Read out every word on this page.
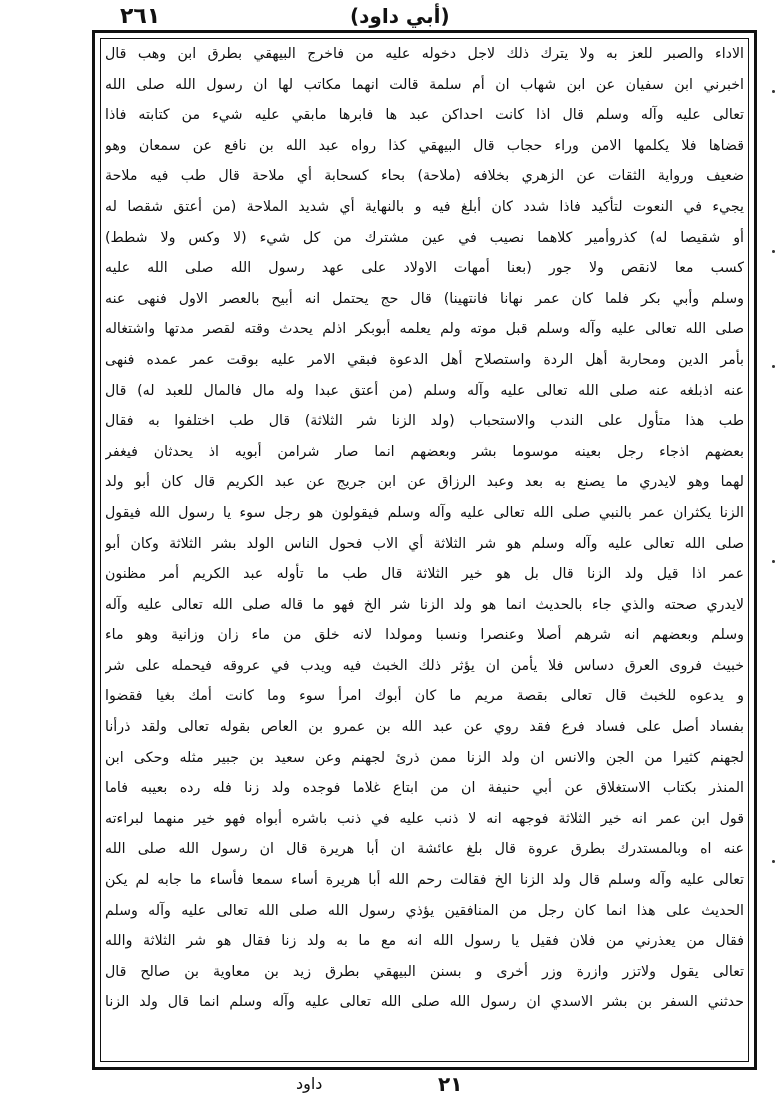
٢٦١	(أبي داود)
الاداء والصبر للعز به ولا يترك ذلك لاجل دخوله عليه من فاخرج البيهقي بطرق ابن وهب قال
اخبرني ابن سفيان عن ابن شهاب ان أم سلمة قالت انهما مكاتب لها ان رسول الله صلى الله
تعالى عليه وآله وسلم قال اذا كانت احداكن عبد ها فابرها مابقي عليه شيء من كتابته فاذا
قضاها فلا يكلمها الامن وراء حجاب قال البيهقي كذا رواه عبد الله بن نافع عن سمعان وهو
ضعيف ورواية الثقات عن الزهري بخلافه (ملاحة) بحاء كسحابة أي ملاحة قال طب فيه ملاحة
يجيء في النعوت لتأكيد فاذا شدد كان أبلغ فيه و بالنهاية أي شديد الملاحة (من أعتق شقصا له
أو شقيصا له) كذروأمير كلاهما نصيب في عين مشترك من كل شيء (لا وكس ولا شطط)
كسب معا لانقص ولا جور (بعنا أمهات الاولاد على عهد رسول الله صلى الله عليه
وسلم وأبي بكر فلما كان عمر نهانا فانتهينا) قال حج يحتمل انه أبيح بالعصر الاول فنهى عنه
صلى الله تعالى عليه وآله وسلم قبل موته ولم يعلمه أبوبكر اذلم يحدث وقته لقصر مدتها واشتغاله
بأمر الدين ومحاربة أهل الردة واستصلاح أهل الدعوة فبقي الامر عليه بوقت عمر عمده فنهى
عنه اذبلغه عنه صلى الله تعالى عليه وآله وسلم (من أعتق عبدا وله مال فالمال للعبد له) قال
طب هذا متأول على الندب والاستحباب (ولد الزنا شر الثلاثة) قال طب اختلفوا به فقال
بعضهم اذجاء رجل بعينه موسوما بشر وبعضهم انما صار شرامن أبويه اذ يحدثان فيغفر
لهما وهو لايدري ما يصنع به بعد وعبد الرزاق عن ابن جريج عن عبد الكريم قال كان أبو ولد
الزنا يكثران عمر بالنبي صلى الله تعالى عليه وآله وسلم فيقولون هو رجل سوء يا رسول الله فيقول
صلى الله تعالى عليه وآله وسلم هو شر الثلاثة أي الاب فحول الناس الولد بشر الثلاثة وكان أبو
عمر اذا قيل ولد الزنا قال بل هو خير الثلاثة قال طب ما تأوله عبد الكريم أمر مظنون
لايدري صحته والذي جاء بالحديث انما هو ولد الزنا شر الخ فهو ما قاله صلى الله تعالى عليه وآله
وسلم وبعضهم انه شرهم أصلا وعنصرا ونسبا ومولدا لانه خلق من ماء زان وزانية وهو ماء
خبيث فروى العرق دساس فلا يأمن ان يؤثر ذلك الخبث فيه ويدب في عروقه فيحمله على شر
و يدعوه للخبث قال تعالى بقصة مريم ما كان أبوك امرأ سوء وما كانت أمك بغيا فقضوا
بفساد أصل على فساد فرع فقد روي عن عبد الله بن عمرو بن العاص بقوله تعالى ولقد ذرأنا
لجهنم كثيرا من الجن والانس ان ولد الزنا ممن ذرئ لجهنم وعن سعيد بن جبير مثله وحكى ابن
المنذر بكتاب الاستغلاق عن أبي حنيفة ان من ابتاع غلاما فوجده ولد زنا فله رده بعيبه فاما
قول ابن عمر انه خير الثلاثة فوجهه انه لا ذنب عليه في ذنب باشره أبواه فهو خير منهما لبراءته
عنه اه وبالمستدرك بطرق عروة قال بلغ عائشة ان أبا هريرة قال ان رسول الله صلى الله
تعالى عليه وآله وسلم قال ولد الزنا الخ فقالت رحم الله أبا هريرة أساء سمعا فأساء ما جابه لم يكن
الحديث على هذا انما كان رجل من المنافقين يؤذي رسول الله صلى الله تعالى عليه وآله وسلم
فقال من يعذرني من فلان فقيل يا رسول الله انه مع ما به ولد زنا فقال هو شر الثلاثة والله
تعالى يقول ولاتزر وازرة وزر أخرى و بسنن البيهقي بطرق زيد بن معاوية بن صالح قال
حدثني السفر بن بشر الاسدي ان رسول الله صلى الله تعالى عليه وآله وسلم انما قال ولد الزنا
داود	٢١
